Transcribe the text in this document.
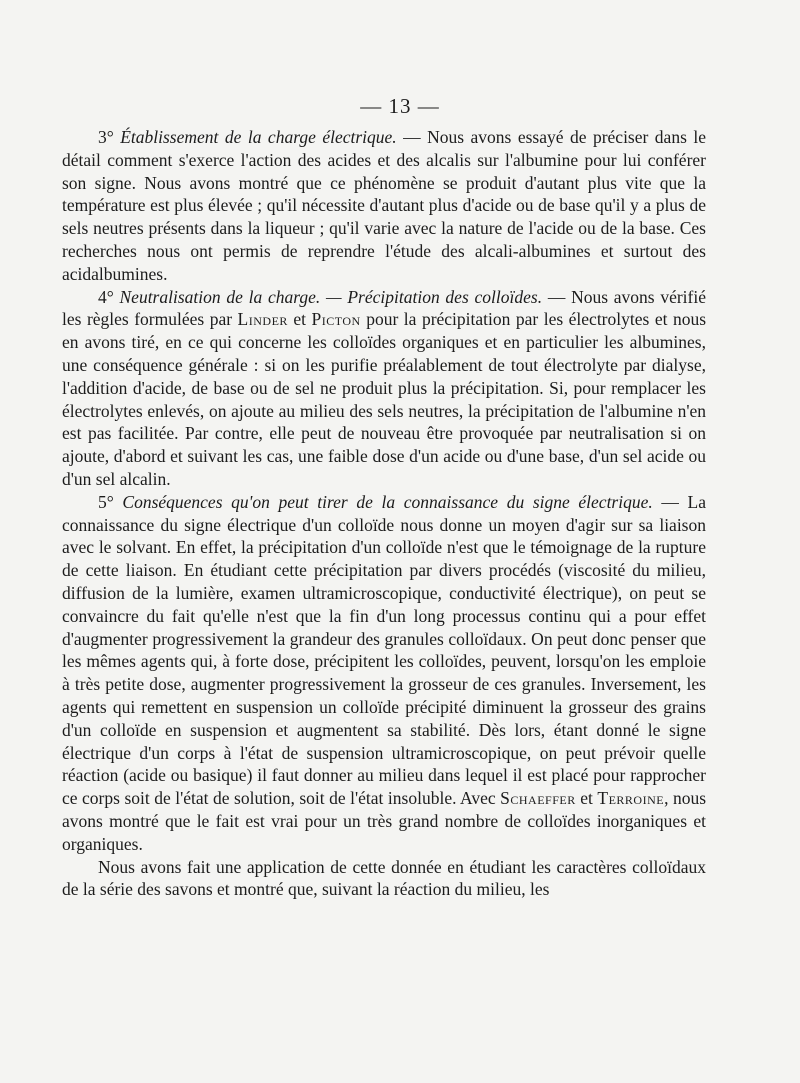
— 13 —

3° Établissement de la charge électrique. — Nous avons essayé de préciser dans le détail comment s'exerce l'action des acides et des alcalis sur l'albumine pour lui conférer son signe. Nous avons montré que ce phénomène se produit d'autant plus vite que la température est plus élevée ; qu'il nécessite d'autant plus d'acide ou de base qu'il y a plus de sels neutres présents dans la liqueur ; qu'il varie avec la nature de l'acide ou de la base. Ces recherches nous ont permis de reprendre l'étude des alcali-albumines et surtout des acidalbumines.

4° Neutralisation de la charge. — Précipitation des colloïdes. — Nous avons vérifié les règles formulées par Linder et Picton pour la précipitation par les électrolytes et nous en avons tiré, en ce qui concerne les colloïdes organiques et en particulier les albumines, une conséquence générale : si on les purifie préalablement de tout électrolyte par dialyse, l'addition d'acide, de base ou de sel ne produit plus la précipitation. Si, pour remplacer les électrolytes enlevés, on ajoute au milieu des sels neutres, la précipitation de l'albumine n'en est pas facilitée. Par contre, elle peut de nouveau être provoquée par neutralisation si on ajoute, d'abord et suivant les cas, une faible dose d'un acide ou d'une base, d'un sel acide ou d'un sel alcalin.

5° Conséquences qu'on peut tirer de la connaissance du signe électrique. — La connaissance du signe électrique d'un colloïde nous donne un moyen d'agir sur sa liaison avec le solvant. En effet, la précipitation d'un colloïde n'est que le témoignage de la rupture de cette liaison. En étudiant cette précipitation par divers procédés (viscosité du milieu, diffusion de la lumière, examen ultramicroscopique, conductivité électrique), on peut se convaincre du fait qu'elle n'est que la fin d'un long processus continu qui a pour effet d'augmenter progressivement la grandeur des granules colloïdaux. On peut donc penser que les mêmes agents qui, à forte dose, précipitent les colloïdes, peuvent, lorsqu'on les emploie à très petite dose, augmenter progressivement la grosseur de ces granules. Inversement, les agents qui remettent en suspension un colloïde précipité diminuent la grosseur des grains d'un colloïde en suspension et augmentent sa stabilité. Dès lors, étant donné le signe électrique d'un corps à l'état de suspension ultramicroscopique, on peut prévoir quelle réaction (acide ou basique) il faut donner au milieu dans lequel il est placé pour rapprocher ce corps soit de l'état de solution, soit de l'état insoluble. Avec Schaeffer et Terroine, nous avons montré que le fait est vrai pour un très grand nombre de colloïdes inorganiques et organiques.

Nous avons fait une application de cette donnée en étudiant les caractères colloïdaux de la série des savons et montré que, suivant la réaction du milieu, les
